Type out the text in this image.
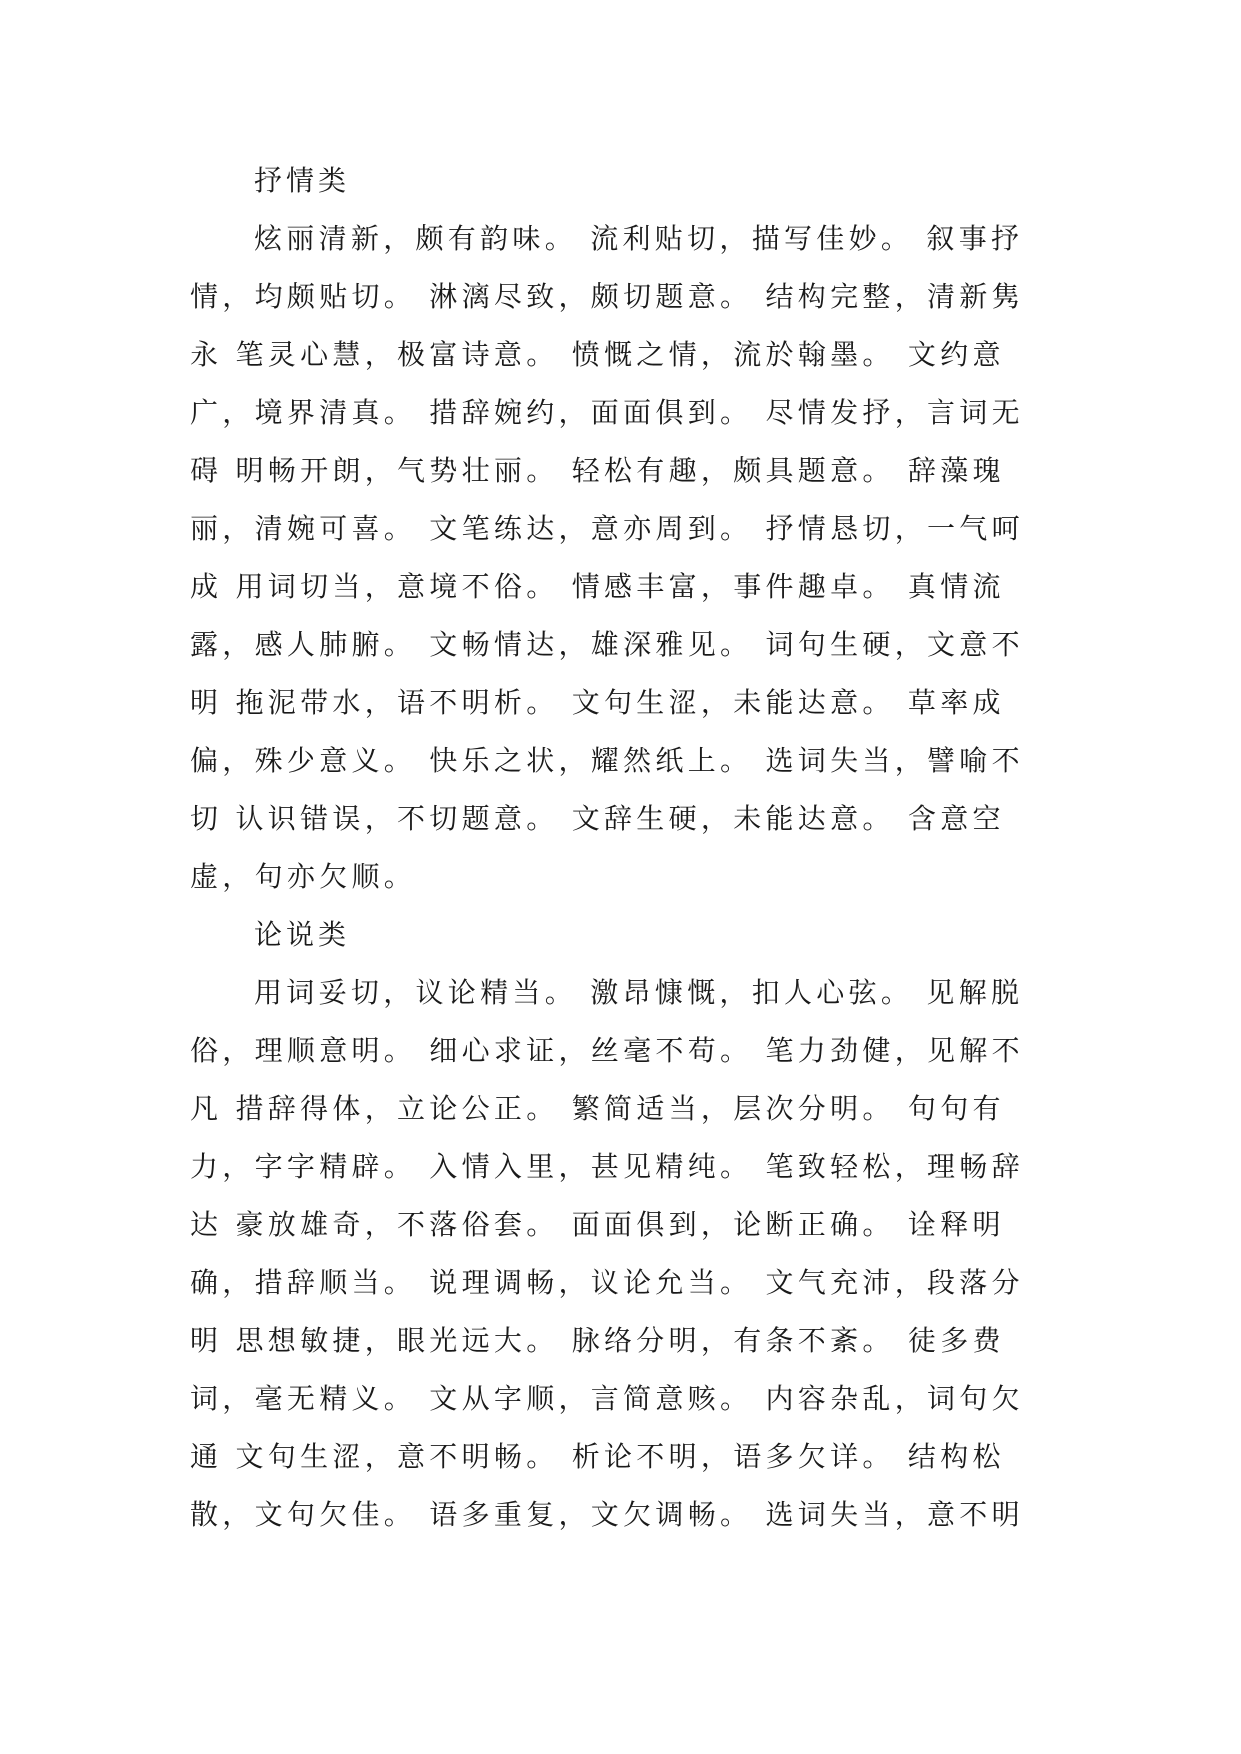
抒情类
炫丽清新，颇有韵味。 流利贴切，描写佳妙。 叙事抒
情，均颇贴切。 淋漓尽致，颇切题意。 结构完整，清新隽
永 笔灵心慧，极富诗意。 愤慨之情，流於翰墨。 文约意
广，境界清真。 措辞婉约，面面俱到。 尽情发抒，言词无
碍 明畅开朗，气势壮丽。 轻松有趣，颇具题意。 辞藻瑰
丽，清婉可喜。 文笔练达，意亦周到。 抒情恳切，一气呵
成 用词切当，意境不俗。 情感丰富，事件趣卓。 真情流
露，感人肺腑。 文畅情达，雄深雅见。 词句生硬，文意不
明 拖泥带水，语不明析。 文句生涩，未能达意。 草率成
偏，殊少意义。 快乐之状，耀然纸上。 选词失当，譬喻不
切 认识错误，不切题意。 文辞生硬，未能达意。 含意空
虚，句亦欠顺。
论说类
用词妥切，议论精当。 激昂慷慨，扣人心弦。 见解脱
俗，理顺意明。 细心求证，丝毫不苟。 笔力劲健，见解不
凡 措辞得体，立论公正。 繁简适当，层次分明。 句句有
力，字字精辟。 入情入里，甚见精纯。 笔致轻松，理畅辞
达 豪放雄奇，不落俗套。 面面俱到，论断正确。 诠释明
确，措辞顺当。 说理调畅，议论允当。 文气充沛，段落分
明 思想敏捷，眼光远大。 脉络分明，有条不紊。 徒多费
词，毫无精义。 文从字顺，言简意赅。 内容杂乱，词句欠
通 文句生涩，意不明畅。 析论不明，语多欠详。 结构松
散，文句欠佳。 语多重复，文欠调畅。 选词失当，意不明
